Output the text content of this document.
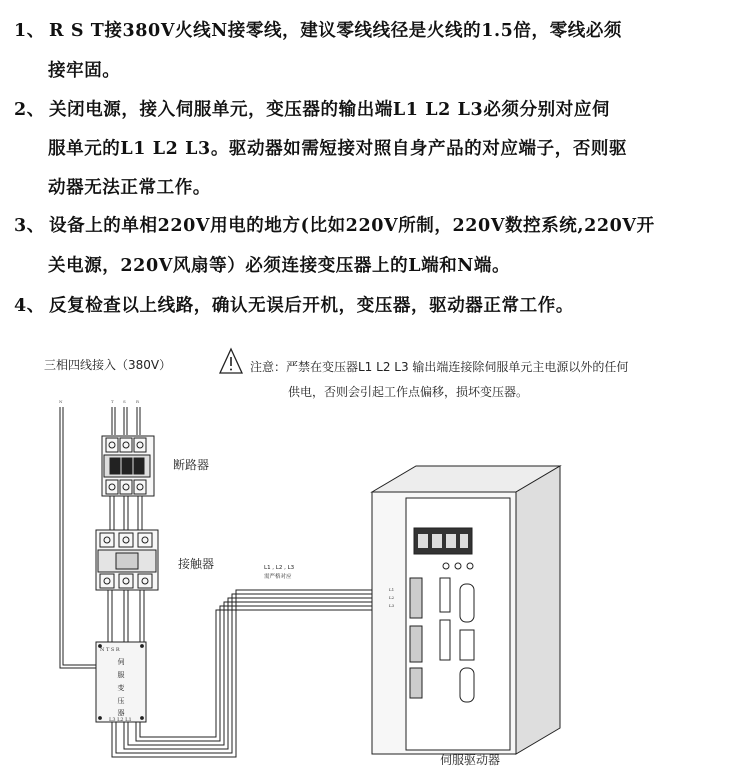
1、 R S T接380V火线N接零线，建议零线线径是火线的1.5倍，零线必须
接牢固。
2、 关闭电源，接入伺服单元，变压器的输出端L1 L2 L3必须分别对应伺
服单元的L1 L2 L3。驱动器如需短接对照自身产品的对应端子，否则驱
动器无法正常工作。
3、 设备上的单相220V用电的地方(比如220V所制，220V数控系统,220V开
关电源，220V风扇等）必须连接变压器上的L端和N端。
4、 反复检查以上线路，确认无误后开机，变压器，驱动器正常工作。
三相四线接入（380V）	注意：严禁在变压器L1 L2 L3 输出端连接除伺服单元主电源以外的任何
供电，否则会引起工作点偏移，损坏变压器。
N	T S	R
断路器
接触器
N T S R
伺
服
变
压
器
L3 L2 L1
L1 , L2 , L3
需严格对应
L1
L2
L3
伺服驱动器
